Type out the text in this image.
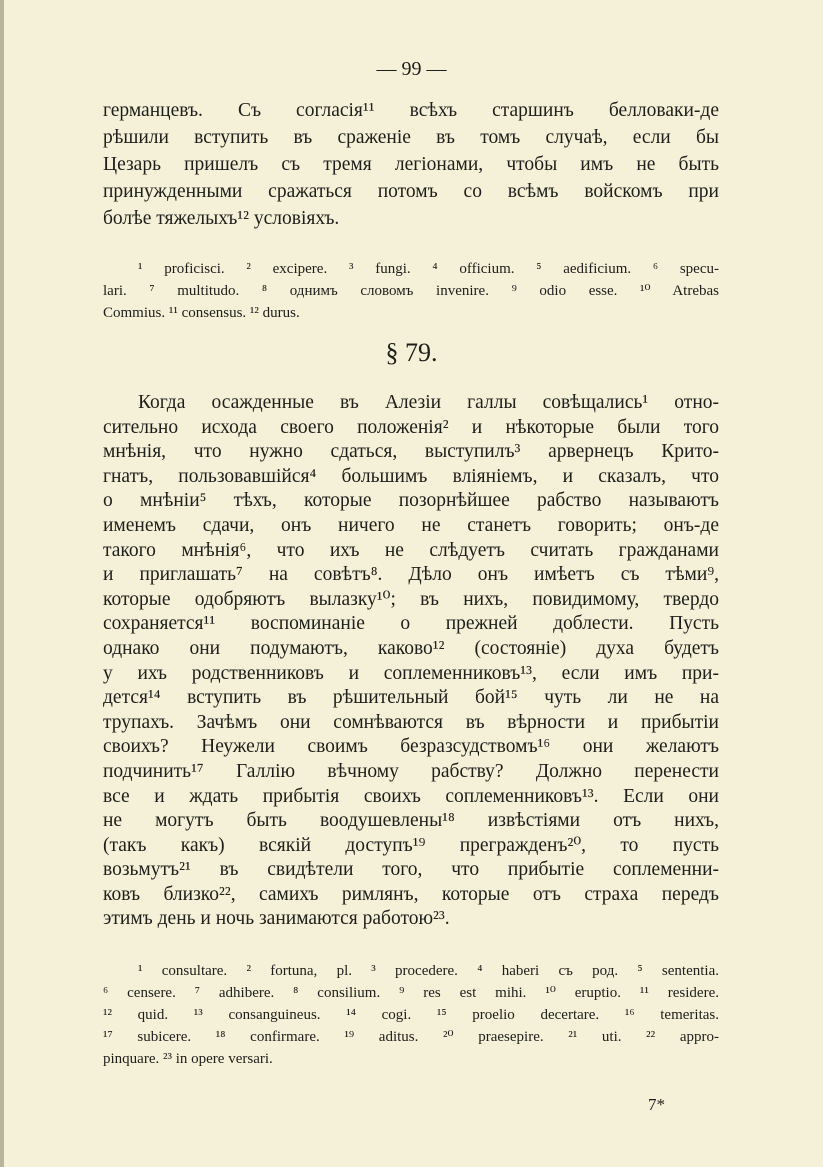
— 99 —
германцевъ. Съ согласія¹¹ всѣхъ старшинъ белловаки-де
рѣшили вступить въ сраженіе въ томъ случаѣ, если бы
Цезарь пришелъ съ тремя легіонами, чтобы имъ не быть
принужденными сражаться потомъ со всѣмъ войскомъ при
болѣе тяжелыхъ¹² условіяхъ.
¹ proficisci. ² excipere. ³ fungi. ⁴ officium. ⁵ aedificium. ⁶ specu-
lari. ⁷ multitudo. ⁸ однимъ словомъ invenire. ⁹ odio esse. ¹⁰ Atrebas
Commius. ¹¹ consensus. ¹² durus.
§ 79.
Когда осажденные въ Алезіи галлы совѣщались¹ отно-
сительно исхода своего положенія² и нѣкоторые были того
мнѣнія, что нужно сдаться, выступилъ³ арвернецъ Крито-
гнатъ, пользовавшійся⁴ большимъ вліяніемъ, и сказалъ, что
о мнѣніи⁵ тѣхъ, которые позорнѣйшее рабство называютъ
именемъ сдачи, онъ ничего не станетъ говорить; онъ-де
такого мнѣнія⁶, что ихъ не слѣдуетъ считать гражданами
и приглашать⁷ на совѣтъ⁸. Дѣло онъ имѣетъ съ тѣми⁹,
которые одобряютъ вылазку¹⁰; въ нихъ, повидимому, твердо
сохраняется¹¹ воспоминаніе о прежней доблести. Пусть
однако они подумаютъ, каково¹² (состояніе) духа будетъ
у ихъ родственниковъ и соплеменниковъ¹³, если имъ при-
дется¹⁴ вступить въ рѣшительный бой¹⁵ чуть ли не на
трупахъ. Зачѣмъ они сомнѣваются въ вѣрности и прибытіи
своихъ? Неужели своимъ безразсудствомъ¹⁶ они желаютъ
подчинить¹⁷ Галлію вѣчному рабству? Должно перенести
все и ждать прибытія своихъ соплеменниковъ¹³. Если они
не могутъ быть воодушевлены¹⁸ извѣстіями отъ нихъ,
(такъ какъ) всякій доступъ¹⁹ прегражденъ²⁰, то пусть
возьмутъ²¹ въ свидѣтели того, что прибытіе соплеменни-
ковъ близко²², самихъ римлянъ, которые отъ страха передъ
этимъ день и ночь занимаются работою²³.
¹ consultare. ² fortuna, pl. ³ procedere. ⁴ haberi съ род. ⁵ sententia.
⁶ censere. ⁷ adhibere. ⁸ consilium. ⁹ res est mihi. ¹⁰ eruptio. ¹¹ residere.
¹² quid. ¹³ consanguineus. ¹⁴ cogi. ¹⁵ proelio decertare. ¹⁶ temeritas.
¹⁷ subicere. ¹⁸ confirmare. ¹⁹ aditus. ²⁰ praesepire. ²¹ uti. ²² appro-
pinquare. ²³ in opere versari.
7*
